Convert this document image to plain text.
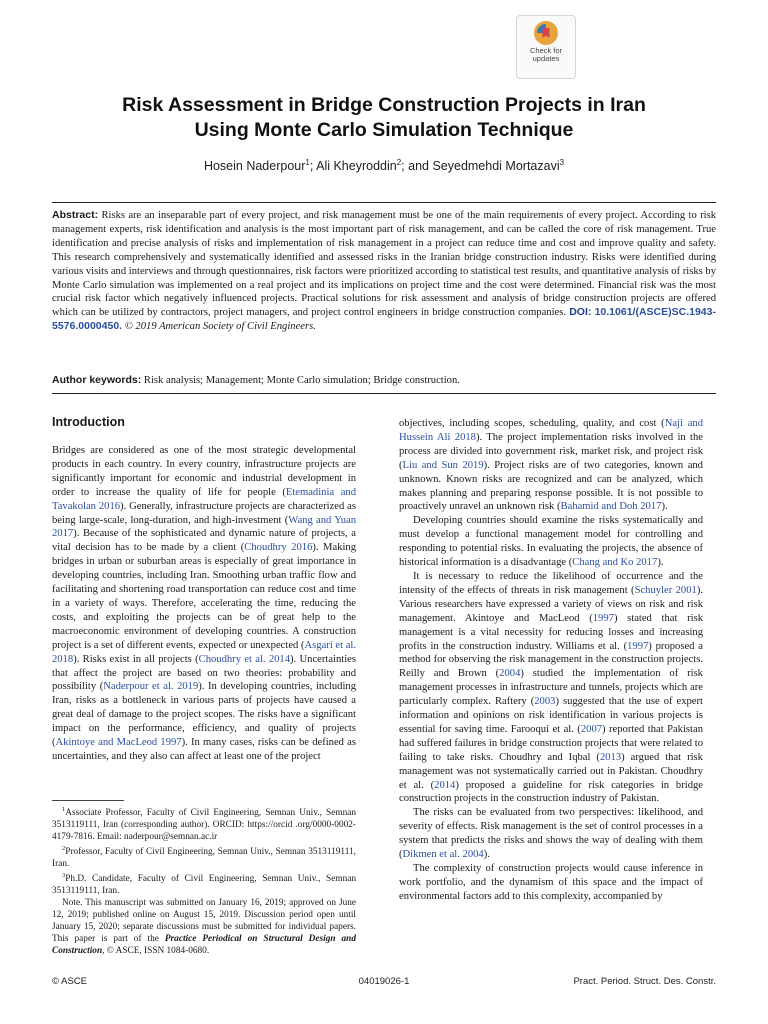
Check for
updates
Risk Assessment in Bridge Construction Projects in Iran
Using Monte Carlo Simulation Technique
Hosein Naderpour$^1$; Ali Kheyroddin$^2$; and Seyedmehdi Mortazavi$^3$
Abstract: Risks are an inseparable part of every project, and risk management must be one of the main requirements of every project. According to risk management experts, risk identification and analysis is the most important part of risk management, and can be called the core of risk management. True identification and precise analysis of risks and implementation of risk management in a project can reduce time and cost and improve quality and safety. This research comprehensively and systematically identified and assessed risks in the Iranian bridge construction industry. Risks were identified during various visits and interviews and through questionnaires, risk factors were prioritized according to statistical test results, and quantitative analysis of risks by Monte Carlo simulation was implemented on a real project and its implications on project time and the cost were determined. Financial risk was the most crucial risk factor which negatively influenced projects. Practical solutions for risk assessment and analysis of bridge construction projects are offered which can be utilized by contractors, project managers, and project control engineers in bridge construction companies. DOI: 10.1061/(ASCE)SC.1943-5576.0000450. © 2019 American Society of Civil Engineers.
Author keywords: Risk analysis; Management; Monte Carlo simulation; Bridge construction.
Introduction

Bridges are considered as one of the most strategic developmental products in each country. In every country, infrastructure projects are significantly important for economic and industrial development in order to increase the quality of life for people (Etemadinia and Tavakolan 2016). Generally, infrastructure projects are characterized as being large-scale, long-duration, and high-investment (Wang and Yuan 2017). Because of the sophisticated and dynamic nature of projects, a vital decision has to be made by a client (Choudhry 2016). Making bridges in urban or suburban areas is especially of great importance in developing countries, including Iran. Smoothing urban traffic flow and facilitating and shortening road transportation can reduce cost and time in a variety of ways. Therefore, accelerating the time, reducing the costs, and exploiting the projects can be of great help to the macroeconomic environment of developing countries. A construction project is a set of different events, expected or unexpected (Asgari et al. 2018). Risks exist in all projects (Choudhry et al. 2014). Uncertainties that affect the project are based on two theories: probability and possibility (Naderpour et al. 2019). In developing countries, including Iran, risks as a bottleneck in various parts of projects have caused a great deal of damage to the project scopes. The risks have a significant impact on the performance, efficiency, and quality of projects (Akintoye and MacLeod 1997). In many cases, risks can be defined as uncertainties, and they also can affect at least one of the project

$^1$Associate Professor, Faculty of Civil Engineering, Semnan Univ., Semnan 3513119111, Iran (corresponding author). ORCID: https://orcid .org/0000-0002-4179-7816. Email: naderpour@semnan.ac.ir

$^2$Professor, Faculty of Civil Engineering, Semnan Univ., Semnan 3513119111, Iran.

$^3$Ph.D. Candidate, Faculty of Civil Engineering, Semnan Univ., Semnan 3513119111, Iran.

Note. This manuscript was submitted on January 16, 2019; approved on June 12, 2019; published online on August 15, 2019. Discussion period open until January 15, 2020; separate discussions must be submitted for individual papers. This paper is part of the Practice Periodical on Structural Design and Construction, © ASCE, ISSN 1084-0680.

objectives, including scopes, scheduling, quality, and cost (Naji and Hussein Ali 2018). The project implementation risks involved in the process are divided into government risk, market risk, and project risk (Liu and Sun 2019). Project risks are of two categories, known and unknown. Known risks are recognized and can be analyzed, which makes planning and preparing response possible. It is not possible to proactively unravel an unknown risk (Bahamid and Doh 2017).

Developing countries should examine the risks systematically and must develop a functional management model for controlling and responding to potential risks. In evaluating the projects, the absence of historical information is a disadvantage (Chang and Ko 2017).

It is necessary to reduce the likelihood of occurrence and the intensity of the effects of threats in risk management (Schuyler 2001). Various researchers have expressed a variety of views on risk and risk management. Akintoye and MacLeod (1997) stated that risk management is a vital necessity for reducing losses and increasing profits in the construction industry. Williams et al. (1997) proposed a method for observing the risk management in the construction projects. Reilly and Brown (2004) studied the implementation of risk management processes in infrastructure and tunnels, projects which are particularly complex. Raftery (2003) suggested that the use of expert information and opinions on risk identification in various projects is essential for saving time. Farooqui et al. (2007) reported that Pakistan had suffered failures in bridge construction projects that were related to failing to take risks. Choudhry and Iqbal (2013) argued that risk management was not systematically carried out in Pakistan. Choudhry et al. (2014) proposed a guideline for risk categories in bridge construction projects in the construction industry of Pakistan.

The risks can be evaluated from two perspectives: likelihood, and severity of effects. Risk management is the set of control processes in a system that predicts the risks and shows the way of dealing with them (Dikmen et al. 2004).

The complexity of construction projects would cause inference in work portfolio, and the dynamism of this space and the impact of environmental factors add to this complexity, accompanied by

© ASCE	04019026-1	Pract. Period. Struct. Des. Constr.
